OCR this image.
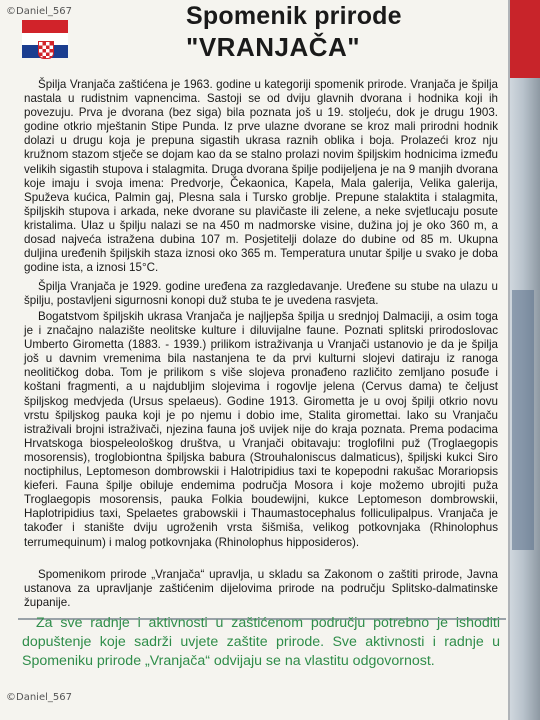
©Daniel_567	Spomenik prirode
"VRANJAČA"

Špilja Vranjača zaštićena je 1963. godine u kategoriji spomenik prirode. Vranjača je špilja nastala u rudistnim vapnencima. Sastoji se od dviju glavnih dvorana i hodnika koji ih povezuju. Prva je dvorana (bez siga) bila poznata još u 19. stoljeću, dok je drugu 1903. godine otkrio mještanin Stipe Punda. Iz prve ulazne dvorane se kroz mali prirodni hodnik dolazi u drugu koja je prepuna sigastih ukrasa raznih oblika i boja. Prolazeći kroz nju kružnom stazom stječe se dojam kao da se stalno prolazi novim špiljskim hodnicima između velikih sigastih stupova i stalagmita. Druga dvorana špilje podijeljena je na 9 manjih dvorana koje imaju i svoja imena: Predvorje, Čekaonica, Kapela, Mala galerija, Velika galerija, Spuževa kućica, Palmin gaj, Plesna sala i Tursko groblje. Prepune stalaktita i stalagmita, špiljskih stupova i arkada, neke dvorane su plavičaste ili zelene, a neke svjetlucaju posute kristalima. Ulaz u špilju nalazi se na 450 m nadmorske visine, dužina joj je oko 360 m, a dosad najveća istražena dubina 107 m. Posjetitelji dolaze do dubine od 85 m. Ukupna duljina uređenih špiljskih staza iznosi oko 365 m. Temperatura unutar špilje u svako je doba godine ista, a iznosi 15°C.

Špilja Vranjača je 1929. godine uređena za razgledavanje. Uređene su stube na ulazu u špilju, postavljeni sigurnosni konopi duž stuba te je uvedena rasvjeta.

Bogatstvom špiljskih ukrasa Vranjača je najljepša špilja u srednjoj Dalmaciji, a osim toga je i značajno nalazište neolitske kulture i diluvijalne faune. Poznati splitski prirodoslovac Umberto Girometta (1883. - 1939.) prilikom istraživanja u Vranjači ustanovio je da je špilja još u davnim vremenima bila nastanjena te da prvi kulturni slojevi datiraju iz ranoga neolitičkog doba. Tom je prilikom s više slojeva pronađeno različito zemljano posuđe i koštani fragmenti, a u najdubljim slojevima i rogovlje jelena (Cervus dama) te čeljust špiljskog medvjeda (Ursus spelaeus). Godine 1913. Girometta je u ovoj špilji otkrio novu vrstu špiljskog pauka koji je po njemu i dobio ime, Stalita giromettai. Iako su Vranjaču istraživali brojni istraživači, njezina fauna još uvijek nije do kraja poznata. Prema podacima Hrvatskoga biospeleološkog društva, u Vranjači obitavaju: troglofilni puž (Troglaegopis mosorensis), troglobiontna špiljska babura (Strouhaloniscus dalmaticus), špiljski kukci Siro noctiphilus, Leptomeson dombrowskii i Halotripidius taxi te kopepodni rakušac Morariopsis kieferi. Fauna špilje obiluje endemima područja Mosora i koje možemo ubrojiti puža Troglaegopis mosorensis, pauka Folkia boudewijni, kukce Leptomeson dombrowskii, Haplotripidius taxi, Spelaetes grabowskii i Thaumastocephalus folliculipalpus. Vranjača je također i stanište dviju ugroženih vrsta šišmiša, velikog potkovnjaka (Rhinolophus terrumequinum) i malog potkovnjaka (Rhinolophus hipposideros).

Spomenikom prirode „Vranjača“ upravlja, u skladu sa Zakonom o zaštiti prirode, Javna ustanova za upravljanje zaštićenim dijelovima prirode na području Splitsko-dalmatinske županije.

Za sve radnje i aktivnosti u zaštićenom području potrebno je ishoditi dopuštenje koje sadrži uvjete zaštite prirode. Sve aktivnosti i radnje u Spomeniku prirode „Vranjača“ odvijaju se na vlastitu odgovornost.
©Daniel_567
